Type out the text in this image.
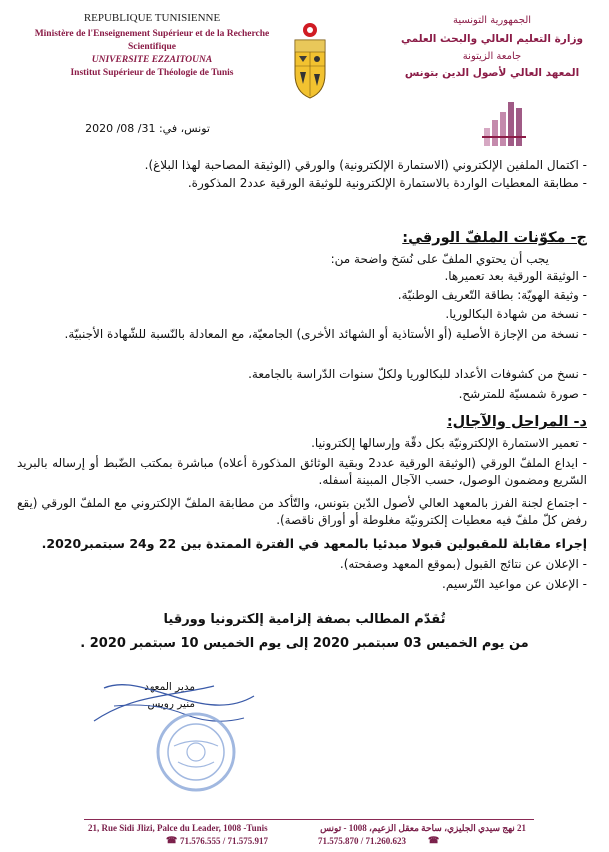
REPUBLIQUE TUNISIENNE
Ministère de l'Enseignement Supérieur et de la Recherche Scientifique
UNIVERSITE EZZAITOUNA
Institut Supérieur de Théologie de Tunis
الجمهورية التونسية
وزارة التعليم العالي والبحث العلمي
جامعة الزيتونة
المعهد العالي لأصول الدين بتونس
تونس، في: 31/ 08/ 2020
- اكتمال الملفين الإلكتروني (الاستمارة الإلكترونية) والورقي (الوثيقة المصاحبة لهذا البلاغ).
- مطابقة المعطيات الواردة بالاستمارة الإلكترونية للوثيقة الورقية عدد2 المذكورة.
ج- مكوّنات الملفّ الورقي:
يجب أن يحتوي الملفّ على نُسَخ واضحة من:
- الوثيقة الورقية بعد تعميرها.
- وثيقة الهويّة: بطاقة التّعريف الوطنيّة.
- نسخة من شهادة البكالوريا.
- نسخة من الإجازة الأصلية (أو الأستاذية أو الشهائد الأخرى) الجامعيّة، مع المعادلة بالنّسبة للشّهادة الأجنبيّة.
- نسخ من كشوفات الأعداد للبكالوريا ولكلّ سنوات الدّراسة بالجامعة.
- صورة شمسيّة للمترشح.
د- المراحل والآجال:
- تعمير الاستمارة الإلكترونيّة بكل دقّة وإرسالها إلكترونيا.
- ايداع الملفّ الورقي (الوثيقة الورقية عدد2 وبقية الوثائق المذكورة أعلاه) مباشرة بمكتب الضّبط أو إرساله بالبريد السّريع ومضمون الوصول، حسب الآجال المبينة أسفله.
- اجتماع لجنة الفرز بالمعهد العالي لأصول الدّين بتونس، والتّأكد من مطابقة الملفّ الإلكتروني مع الملفّ الورقي (يقع رفض كلّ ملفّ فيه معطيات إلكترونيّة مغلوطة أو أوراق ناقصة).
إجراء مقابلة للمقبولين قبولا مبدئيا بالمعهد في الفترة الممتدة بين 22 و24 سبتمبر2020.
- الإعلان عن نتائج القبول (بموقع المعهد وصفحته).
- الإعلان عن مواعيد التّرسيم.
تُقدّم المطالب بصفة إلزامية إلكترونيا وورقيا
من يوم الخميس 03 سبتمبر 2020 إلى يوم الخميس 10 سبتمبر 2020 .
مدير المعهد
منير رويس
21, Rue Sidi Jlizi, Palce du Leader, 1008 -Tunis
71.576.555 / 71.575.917
☎
21 نهج سيدي الجليزي، ساحة معقل الزعيم، 1008 - تونس
71.575.870 / 71.260.623 ☎
